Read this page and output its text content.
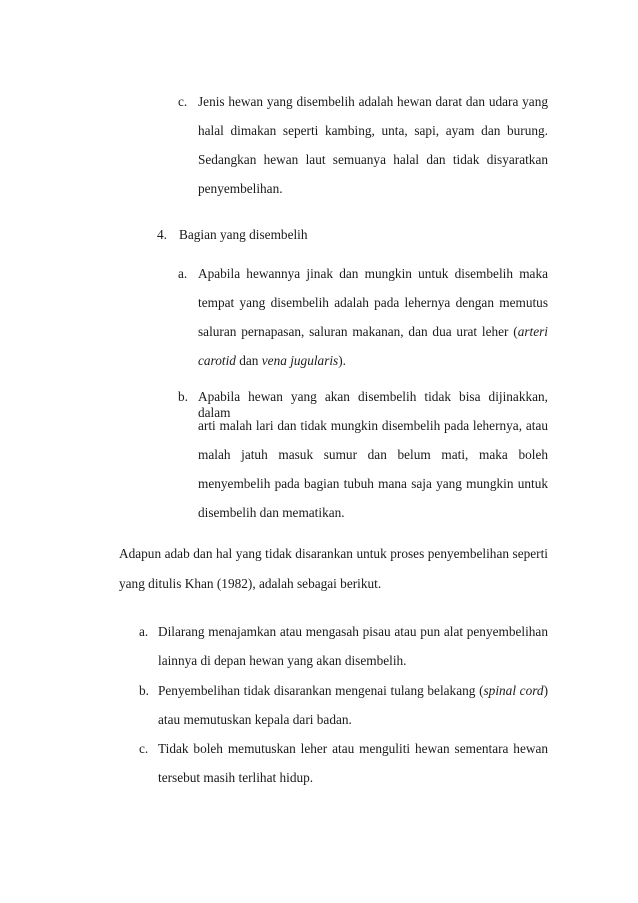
c. Jenis hewan yang disembelih adalah hewan darat dan udara yang
halal dimakan seperti kambing, unta, sapi, ayam dan burung.
Sedangkan hewan laut semuanya halal dan tidak disyaratkan
penyembelihan.
4. Bagian yang disembelih
a. Apabila hewannya jinak dan mungkin untuk disembelih maka
tempat yang disembelih adalah pada lehernya dengan memutus
saluran pernapasan, saluran makanan, dan dua urat leher (arteri
carotid dan vena jugularis).
b. Apabila hewan yang akan disembelih tidak bisa dijinakkan, dalam
arti malah lari dan tidak mungkin disembelih pada lehernya, atau
malah jatuh masuk sumur dan belum mati, maka boleh
menyembelih pada bagian tubuh mana saja yang mungkin untuk
disembelih dan mematikan.
Adapun adab dan hal yang tidak disarankan untuk proses penyembelihan seperti
yang ditulis Khan (1982), adalah sebagai berikut.
a. Dilarang menajamkan atau mengasah pisau atau pun alat penyembelihan
lainnya di depan hewan yang akan disembelih.
b. Penyembelihan tidak disarankan mengenai tulang belakang (spinal cord)
atau memutuskan kepala dari badan.
c. Tidak boleh memutuskan leher atau menguliti hewan sementara hewan
tersebut masih terlihat hidup.
